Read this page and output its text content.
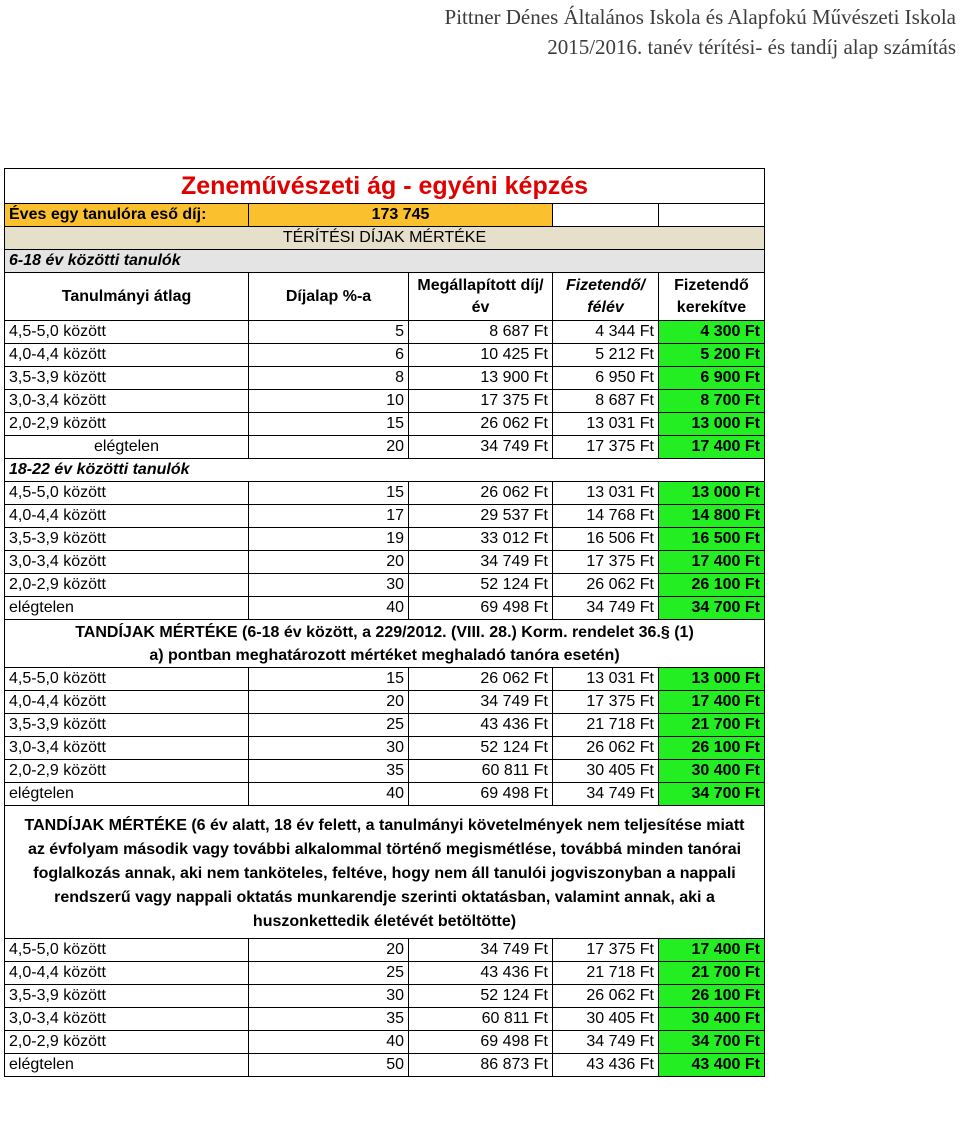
Pittner Dénes Általános Iskola és Alapfokú Művészeti Iskola
2015/2016. tanév térítési- és tandíj alap számítás
Zeneművészeti ág - egyéni képzés				
Éves egy tanulóra eső díj:	173 745			
TÉRÍTÉSI DÍJAK MÉRTÉKE				
6-18 év közötti tanulók				
Tanulmányi átlag	Díjalap %-a	Megállapított díj/év	Fizetendő/ félév	Fizetendő kerekítve
4,5-5,0 között	5	8 687 Ft	4 344 Ft	4 300 Ft
4,0-4,4 között	6	10 425 Ft	5 212 Ft	5 200 Ft
3,5-3,9 között	8	13 900 Ft	6 950 Ft	6 900 Ft
3,0-3,4 között	10	17 375 Ft	8 687 Ft	8 700 Ft
2,0-2,9 között	15	26 062 Ft	13 031 Ft	13 000 Ft
elégtelen	20	34 749 Ft	17 375 Ft	17 400 Ft
18-22 év közötti tanulók				
4,5-5,0 között	15	26 062 Ft	13 031 Ft	13 000 Ft
4,0-4,4 között	17	29 537 Ft	14 768 Ft	14 800 Ft
3,5-3,9 között	19	33 012 Ft	16 506 Ft	16 500 Ft
3,0-3,4 között	20	34 749 Ft	17 375 Ft	17 400 Ft
2,0-2,9 között	30	52 124 Ft	26 062 Ft	26 100 Ft
elégtelen	40	69 498 Ft	34 749 Ft	34 700 Ft

TANDÍJAK MÉRTÉKE (6-18 év között, a 229/2012. (VIII. 28.) Korm. rendelet 36.§ (1)
a) pontban meghatározott mértéket meghaladó tanóra esetén)				

4,5-5,0 között	15	26 062 Ft	13 031 Ft	13 000 Ft
4,0-4,4 között	20	34 749 Ft	17 375 Ft	17 400 Ft
3,5-3,9 között	25	43 436 Ft	21 718 Ft	21 700 Ft
3,0-3,4 között	30	52 124 Ft	26 062 Ft	26 100 Ft
2,0-2,9 között	35	60 811 Ft	30 405 Ft	30 400 Ft
elégtelen	40	69 498 Ft	34 749 Ft	34 700 Ft
TANDÍJAK MÉRTÉKE (6 év alatt, 18 év felett, a tanulmányi követelmények nem teljesítése miatt az évfolyam második vagy további alkalommal történő megismétlése, továbbá minden tanórai foglalkozás annak, aki nem tanköteles, feltéve, hogy nem áll tanulói jogviszonyban a nappali rendszerű vagy nappali oktatás munkarendje szerinti oktatásban, valamint annak, aki a huszonkettedik életévét betöltötte)				
4,5-5,0 között	20	34 749 Ft	17 375 Ft	17 400 Ft
4,0-4,4 között	25	43 436 Ft	21 718 Ft	21 700 Ft
3,5-3,9 között	30	52 124 Ft	26 062 Ft	26 100 Ft
3,0-3,4 között	35	60 811 Ft	30 405 Ft	30 400 Ft
2,0-2,9 között	40	69 498 Ft	34 749 Ft	34 700 Ft
elégtelen	50	86 873 Ft	43 436 Ft	43 400 Ft
